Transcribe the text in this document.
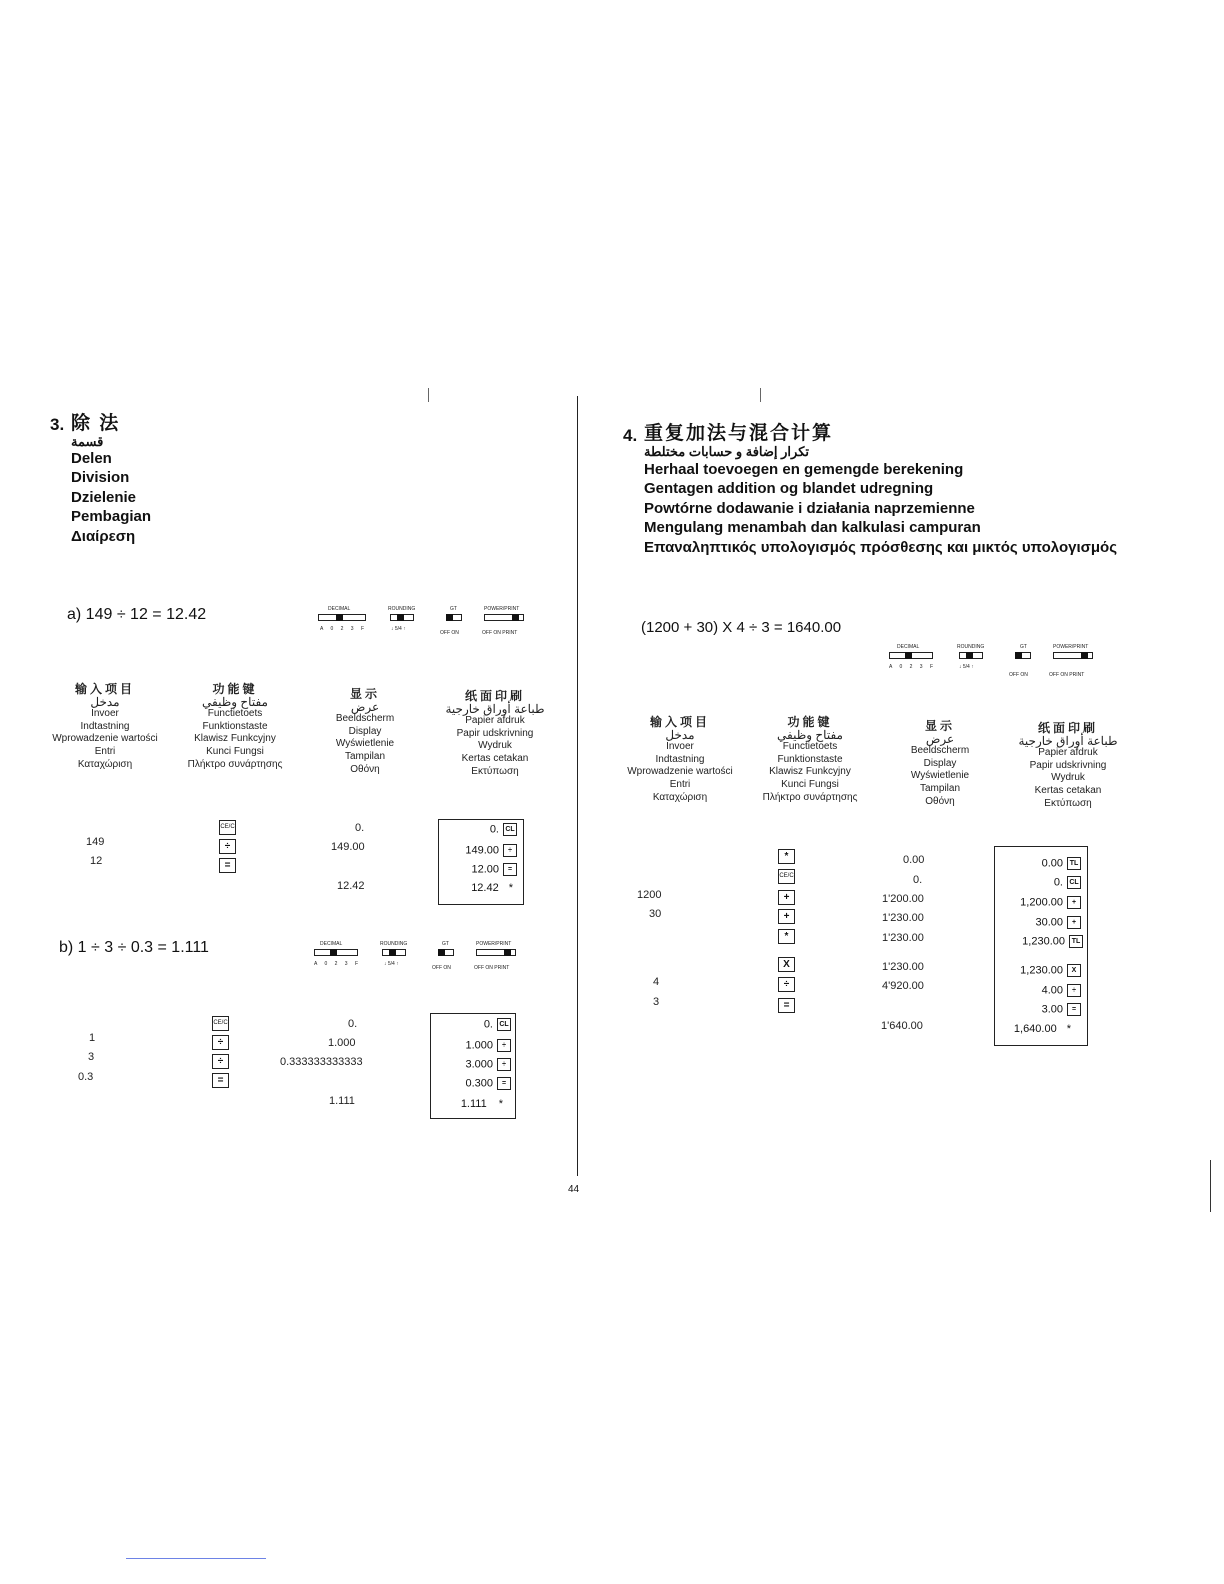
44
3. 除 法
قسمة
Delen
Division
Dzielenie
Pembagian
Διαίρεση
a) 149 ÷ 12 = 12.42	DECIMAL
A 0 2 3 F
ROUNDING
↓ 5/4 ↑
GT
OFF ON
POWER/PRINT
OFF ON PRINT
输入项目
مدخل
Invoer
Indtastning
Wprowadzenie wartości
Entri
Καταχώριση
功能键
مفتاح وظيفي
Functietoets
Funktionstaste
Klawisz Funkcyjny
Kunci Fungsi
Πλήκτρο συνάρτησης
显示
عرض
Beeldscherm
Display
Wyświetlenie
Tampilan
Οθόνη
纸面印刷
طباعة أوراق خارجية
Papier afdruk
Papir udskrivning
Wydruk
Kertas cetakan
Εκτύπωση
149
12
CE/C
÷
=
0.
149.00
12.42
0. CL
149.00 ÷
12.00 =
12.42 *
b) 1 ÷ 3 ÷ 0.3 = 1.111	DECIMAL
A 0 2 3 F
ROUNDING
↓ 5/4 ↑
GT
OFF ON
POWER/PRINT
OFF ON PRINT
1
3
0.3
CE/C
÷
÷
=
0.
1.000
0.333333333333
1.111
0. CL
1.000 ÷
3.000 ÷
0.300 =
1.111 *
4. 重复加法与混合计算
تكرار إضافة و حسابات مختلطة
Herhaal toevoegen en gemengde berekening
Gentagen addition og blandet udregning
Powtórne dodawanie i działania naprzemienne
Mengulang menambah dan kalkulasi campuran
Επαναληπτικός υπολογισμός πρόσθεσης και μικτός υπολογισμός
(1200 + 30) X 4 ÷ 3 = 1640.00
DECIMAL
A 0 2 3 F
ROUNDING
↓ 5/4 ↑
GT
OFF ON
POWER/PRINT
OFF ON PRINT
输入项目
مدخل
Invoer
Indtastning
Wprowadzenie wartości
Entri
Καταχώριση
功能键
مفتاح وظيفي
Functietoets
Funktionstaste
Klawisz Funkcyjny
Kunci Fungsi
Πλήκτρο συνάρτησης
显示
عرض
Beeldscherm
Display
Wyświetlenie
Tampilan
Οθόνη
纸面印刷
طباعة أوراق خارجية
Papier afdruk
Papir udskrivning
Wydruk
Kertas cetakan
Εκτύπωση
1200
30
4
3
*
CE/C
+
+
*
X
÷
=
0.00
0.
1'200.00
1'230.00
1'230.00
1'230.00
4'920.00
1'640.00
0.00 TL
0. CL
1,200.00 +
30.00 +
1,230.00 TL
1,230.00 X
4.00 ÷
3.00 =
1,640.00 *
